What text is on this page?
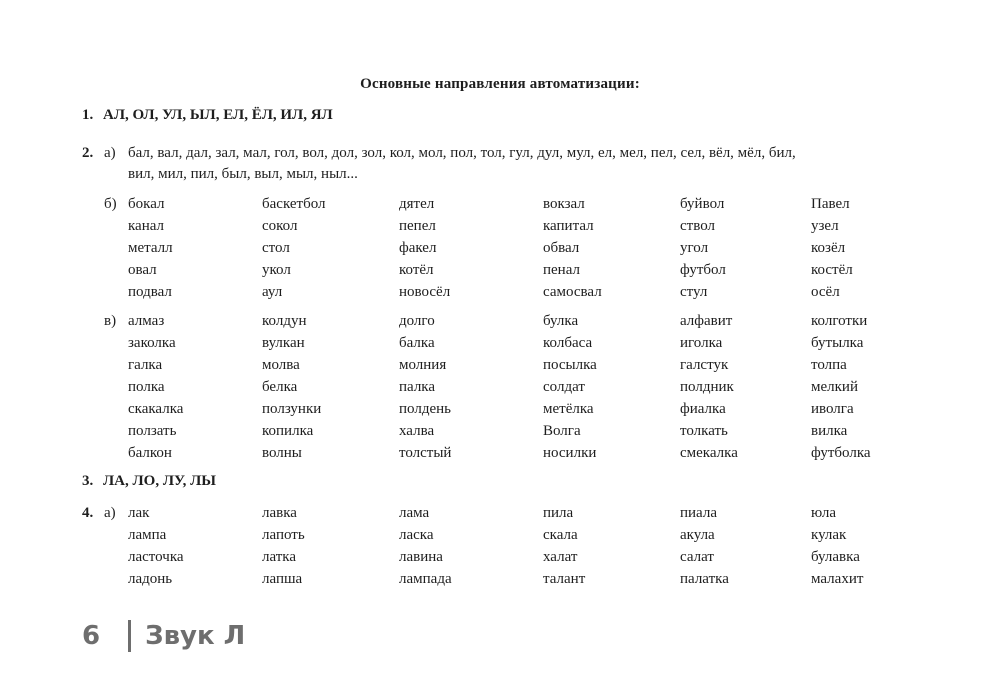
Основные направления автоматизации:
1. АЛ, ОЛ, УЛ, ЫЛ, ЕЛ, ЁЛ, ИЛ, ЯЛ
2. а) бал, вал, дал, зал, мал, гол, вол, дол, зол, кол, мол, пол, тол, гул, дул, мул, ел, мел, пел, сел, вёл, мёл, бил,
вил, мил, пил, был, выл, мыл, ныл...
б) бокал	баскетбол	дятел	вокзал	буйвол	Павел
канал	сокол	пепел	капитал	ствол	узел
металл	стол	факел	обвал	угол	козёл
овал	укол	котёл	пенал	футбол	костёл
подвал	аул	новосёл	самосвал	стул	осёл
в) алмаз	колдун	долго	булка	алфавит	колготки
заколка	вулкан	балка	колбаса	иголка	бутылка
галка	молва	молния	посылка	галстук	толпа
полка	белка	палка	солдат	полдник	мелкий
скакалка	ползунки	полдень	метёлка	фиалка	иволга
ползать	копилка	халва	Волга	толкать	вилка
балкон	волны	толстый	носилки	смекалка	футболка
3. ЛА, ЛО, ЛУ, ЛЫ
4. а) лак	лавка	лама	пила	пиала	юла
лампа	лапоть	ласка	скала	акула	кулак
ласточка	латка	лавина	халат	салат	булавка
ладонь	лапша	лампада	талант	палатка	малахит
6 Звук Л
